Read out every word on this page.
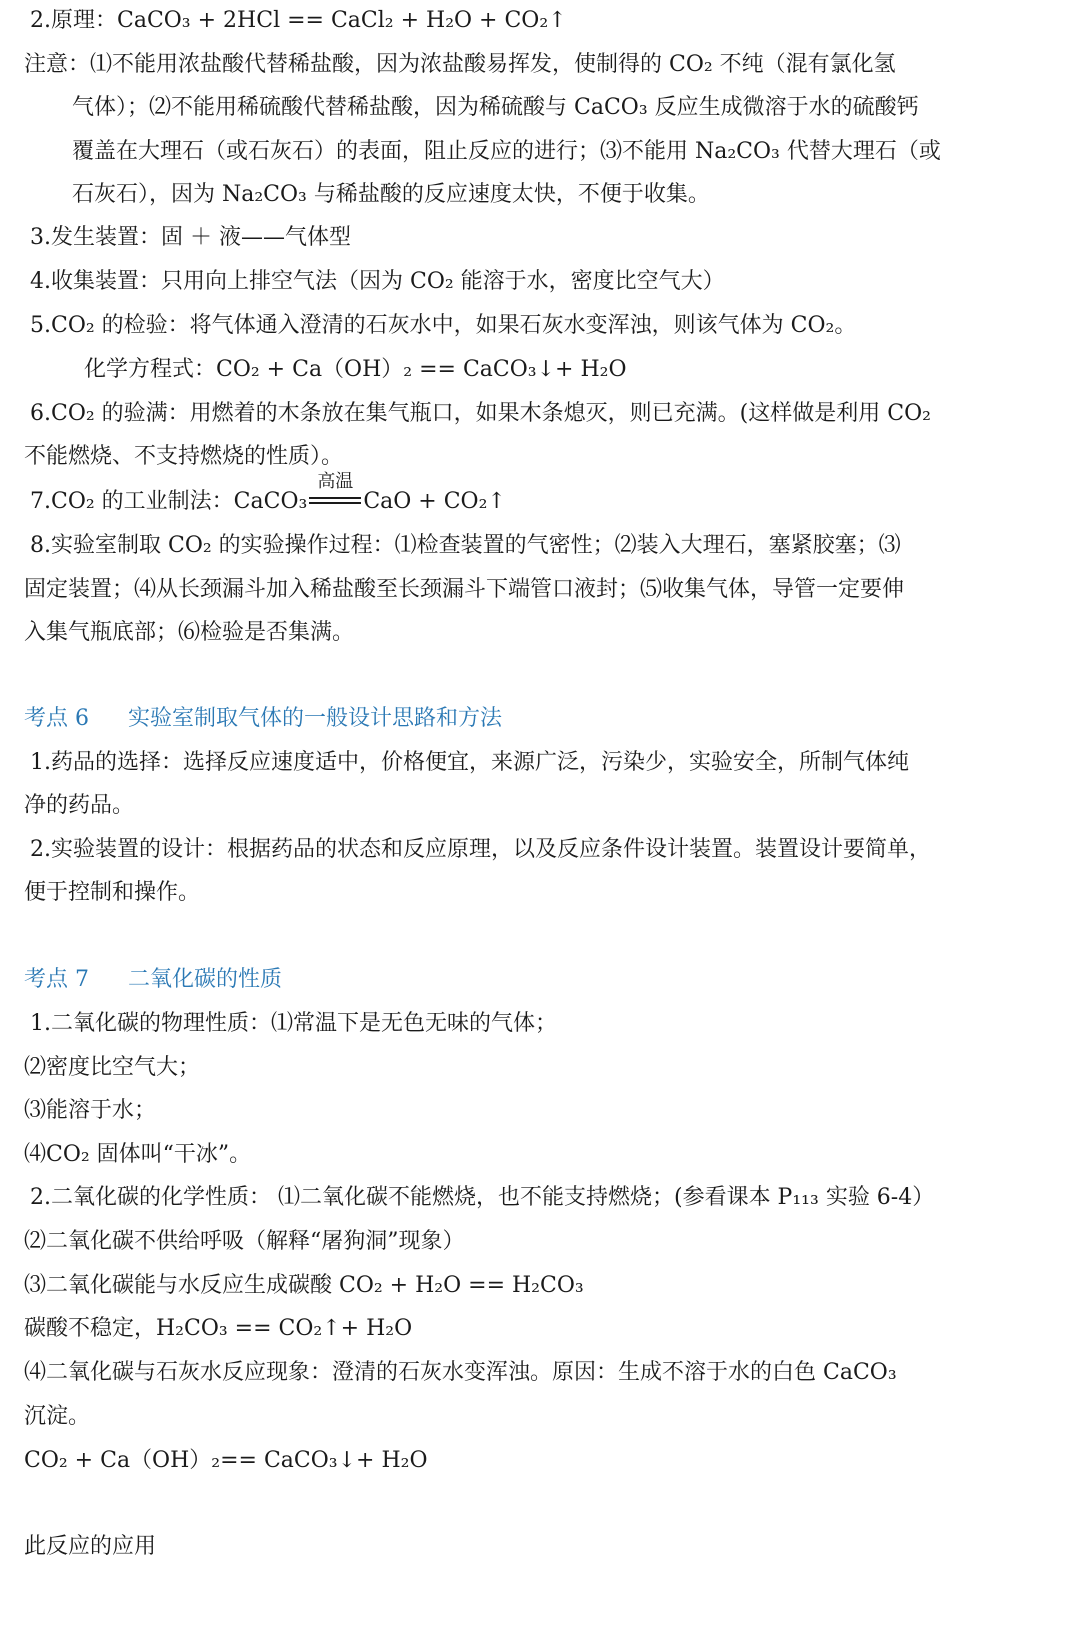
2.原理：CaCO₃ + 2HCl == CaCl₂ + H₂O + CO₂↑
注意：⑴不能用浓盐酸代替稀盐酸，因为浓盐酸易挥发，使制得的 CO₂ 不纯（混有氯化氢
气体）；⑵不能用稀硫酸代替稀盐酸，因为稀硫酸与 CaCO₃ 反应生成微溶于水的硫酸钙
覆盖在大理石（或石灰石）的表面，阻止反应的进行；⑶不能用 Na₂CO₃ 代替大理石（或
石灰石），因为 Na₂CO₃ 与稀盐酸的反应速度太快，不便于收集。
3.发生装置：固 ＋ 液——气体型
4.收集装置：只用向上排空气法（因为 CO₂ 能溶于水，密度比空气大）
5.CO₂ 的检验：将气体通入澄清的石灰水中，如果石灰水变浑浊，则该气体为 CO₂。
化学方程式：CO₂ + Ca（OH）₂ == CaCO₃↓+ H₂O
6.CO₂ 的验满：用燃着的木条放在集气瓶口，如果木条熄灭，则已充满。(这样做是利用 CO₂
不能燃烧、不支持燃烧的性质）。
7.CO₂ 的工业制法：CaCO₃
高温
CaO + CO₂↑
8.实验室制取 CO₂ 的实验操作过程：⑴检查装置的气密性；⑵装入大理石，塞紧胶塞；⑶
固定装置；⑷从长颈漏斗加入稀盐酸至长颈漏斗下端管口液封；⑸收集气体，导管一定要伸
入集气瓶底部；⑹检验是否集满。
考点 6 实验室制取气体的一般设计思路和方法
1.药品的选择：选择反应速度适中，价格便宜，来源广泛，污染少，实验安全，所制气体纯
净的药品。
2.实验装置的设计：根据药品的状态和反应原理，以及反应条件设计装置。装置设计要简单，
便于控制和操作。
考点 7 二氧化碳的性质
1.二氧化碳的物理性质：⑴常温下是无色无味的气体；
⑵密度比空气大；
⑶能溶于水；
⑷CO₂ 固体叫“干冰”。
2.二氧化碳的化学性质： ⑴二氧化碳不能燃烧，也不能支持燃烧；(参看课本 P₁₁₃ 实验 6-4）
⑵二氧化碳不供给呼吸（解释“屠狗洞”现象）
⑶二氧化碳能与水反应生成碳酸 CO₂ + H₂O == H₂CO₃
碳酸不稳定，H₂CO₃ == CO₂↑+ H₂O
⑷二氧化碳与石灰水反应现象：澄清的石灰水变浑浊。原因：生成不溶于水的白色 CaCO₃
沉淀。
CO₂ + Ca（OH）₂== CaCO₃↓+ H₂O
此反应的应用
